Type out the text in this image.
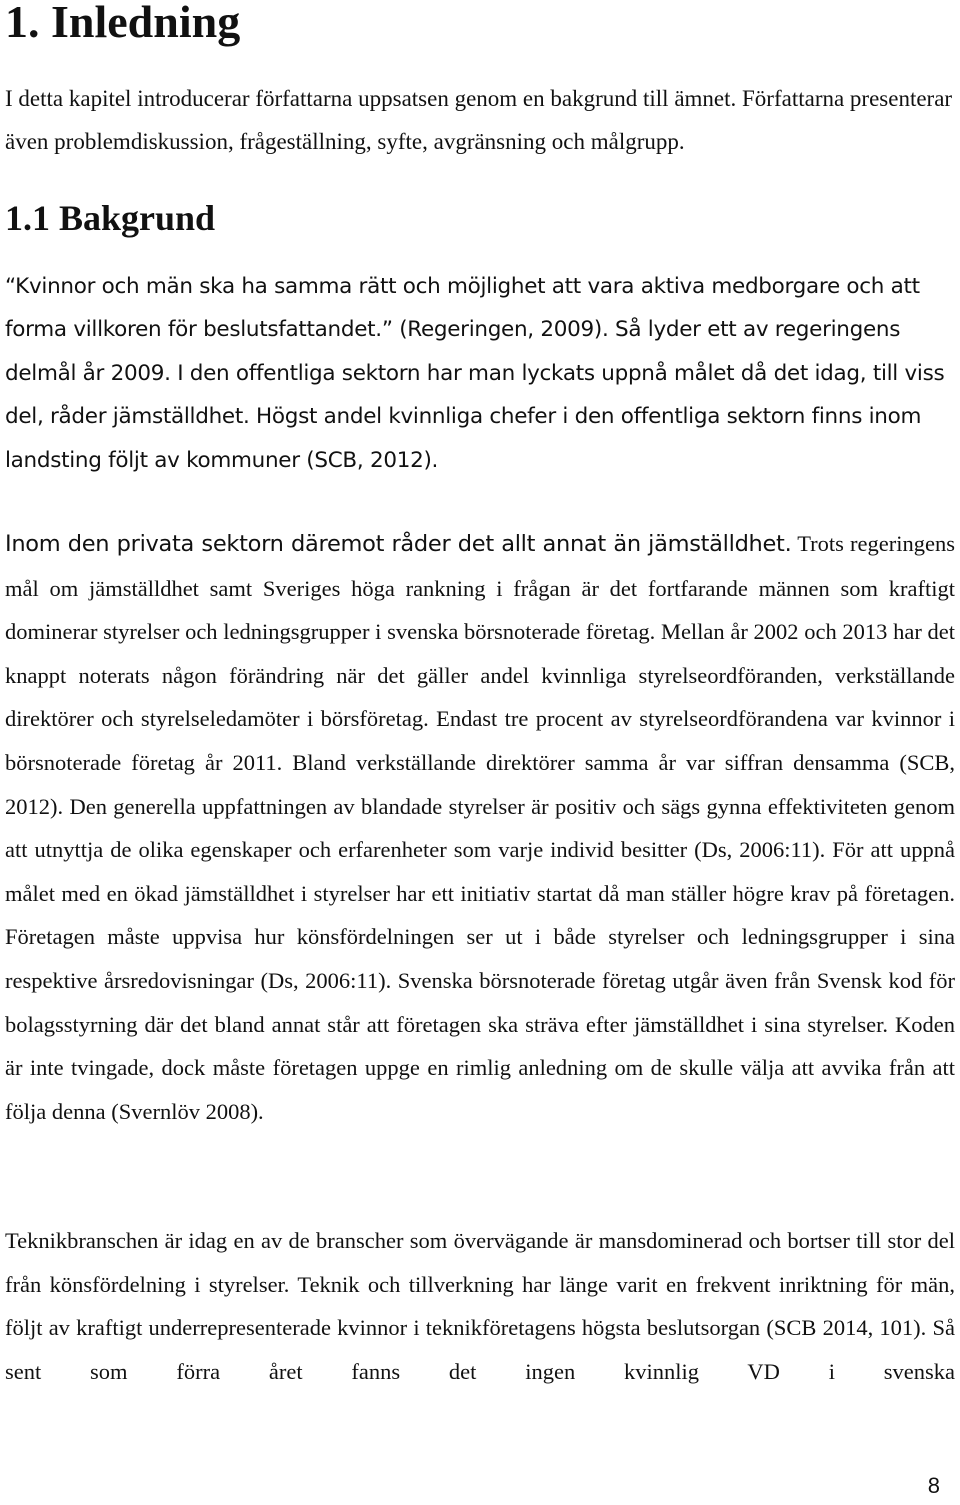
1. Inledning

I detta kapitel introducerar författarna uppsatsen genom en bakgrund till ämnet. Författarna presenterar även problemdiskussion, frågeställning, syfte, avgränsning och målgrupp.

1.1 Bakgrund

“Kvinnor och män ska ha samma rätt och möjlighet att vara aktiva medborgare och att forma villkoren för beslutsfattandet.” (Regeringen, 2009). Så lyder ett av regeringens delmål år 2009. I den offentliga sektorn har man lyckats uppnå målet då det idag, till viss del, råder jämställdhet. Högst andel kvinnliga chefer i den offentliga sektorn finns inom landsting följt av kommuner (SCB, 2012).

Inom den privata sektorn däremot råder det allt annat än jämställdhet. Trots regeringens mål om jämställdhet samt Sveriges höga rankning i frågan är det fortfarande männen som kraftigt dominerar styrelser och ledningsgrupper i svenska börsnoterade företag. Mellan år 2002 och 2013 har det knappt noterats någon förändring när det gäller andel kvinnliga styrelseordföranden, verkställande direktörer och styrelseledamöter i börsföretag. Endast tre procent av styrelseordförandena var kvinnor i börsnoterade företag år 2011. Bland verkställande direktörer samma år var siffran densamma (SCB, 2012). Den generella uppfattningen av blandade styrelser är positiv och sägs gynna effektiviteten genom att utnyttja de olika egenskaper och erfarenheter som varje individ besitter (Ds, 2006:11). För att uppnå målet med en ökad jämställdhet i styrelser har ett initiativ startat då man ställer högre krav på företagen. Företagen måste uppvisa hur könsfördelningen ser ut i både styrelser och ledningsgrupper i sina respektive årsredovisningar (Ds, 2006:11). Svenska börsnoterade företag utgår även från Svensk kod för bolagsstyrning där det bland annat står att företagen ska sträva efter jämställdhet i sina styrelser. Koden är inte tvingade, dock måste företagen uppge en rimlig anledning om de skulle välja att avvika från att följa denna (Svernlöv 2008).

Teknikbranschen är idag en av de branscher som övervägande är mansdominerad och bortser till stor del från könsfördelning i styrelser. Teknik och tillverkning har länge varit en frekvent inriktning för män, följt av kraftigt underrepresenterade kvinnor i teknikföretagens högsta beslutsorgan (SCB 2014, 101). Så sent som förra året fanns det ingen kvinnlig VD i svenska

8
